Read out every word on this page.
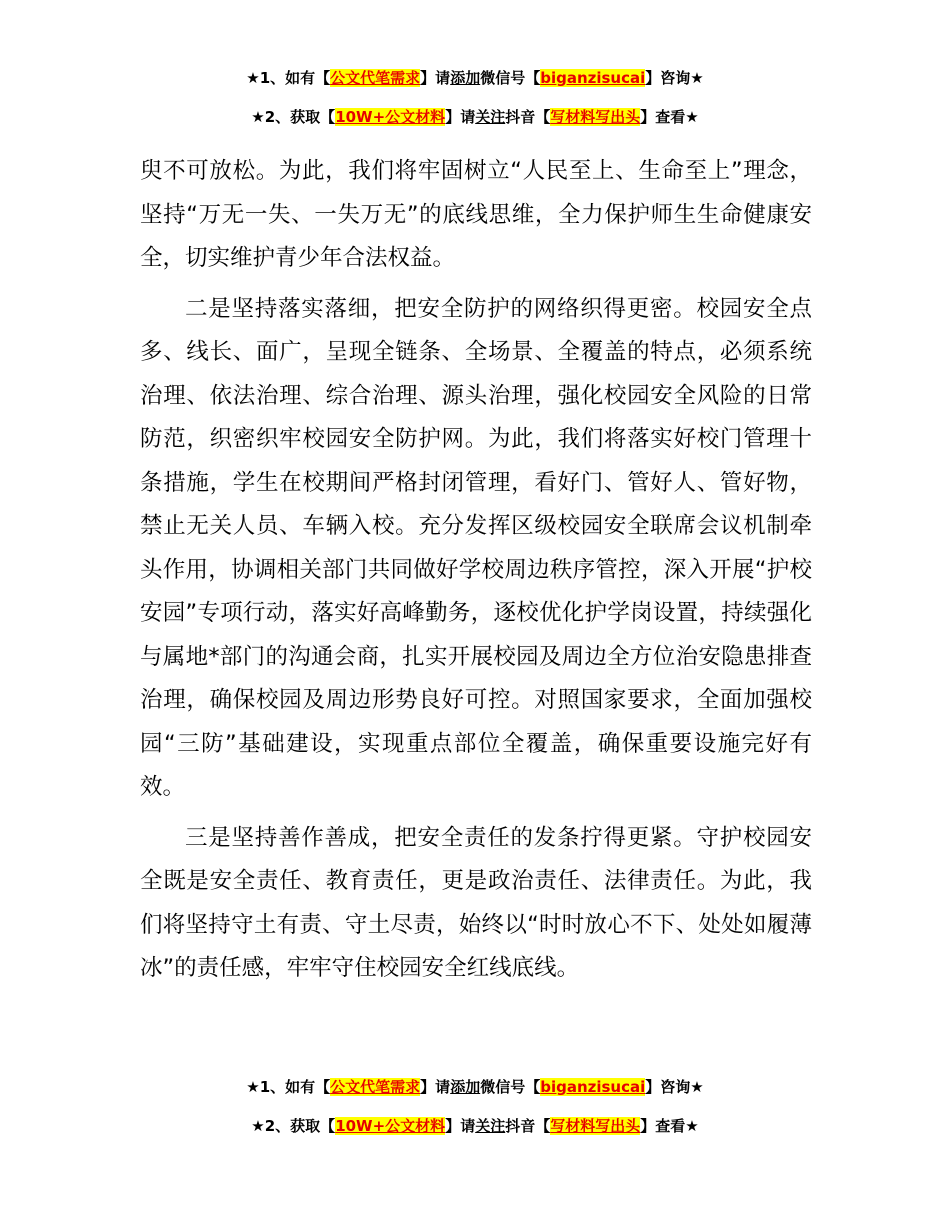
★1、如有【公文代笔需求】请添加微信号【biganzisucai】咨询★
★2、获取【10W+公文材料】请关注抖音【写材料写出头】查看★

臾不可放松。为此，我们将牢固树立“人民至上、生命至上”理念，坚持“万无一失、一失万无”的底线思维，全力保护师生生命健康安全，切实维护青少年合法权益。

二是坚持落实落细，把安全防护的网络织得更密。校园安全点多、线长、面广，呈现全链条、全场景、全覆盖的特点，必须系统治理、依法治理、综合治理、源头治理，强化校园安全风险的日常防范，织密织牢校园安全防护网。为此，我们将落实好校门管理十条措施，学生在校期间严格封闭管理，看好门、管好人、管好物，禁止无关人员、车辆入校。充分发挥区级校园安全联席会议机制牵头作用，协调相关部门共同做好学校周边秩序管控，深入开展“护校安园”专项行动，落实好高峰勤务，逐校优化护学岗设置，持续强化与属地*部门的沟通会商，扎实开展校园及周边全方位治安隐患排查治理，确保校园及周边形势良好可控。对照国家要求，全面加强校园“三防”基础建设，实现重点部位全覆盖，确保重要设施完好有效。

三是坚持善作善成，把安全责任的发条拧得更紧。守护校园安全既是安全责任、教育责任，更是政治责任、法律责任。为此，我们将坚持守土有责、守土尽责，始终以“时时放心不下、处处如履薄冰”的责任感，牢牢守住校园安全红线底线。

★1、如有【公文代笔需求】请添加微信号【biganzisucai】咨询★
★2、获取【10W+公文材料】请关注抖音【写材料写出头】查看★
